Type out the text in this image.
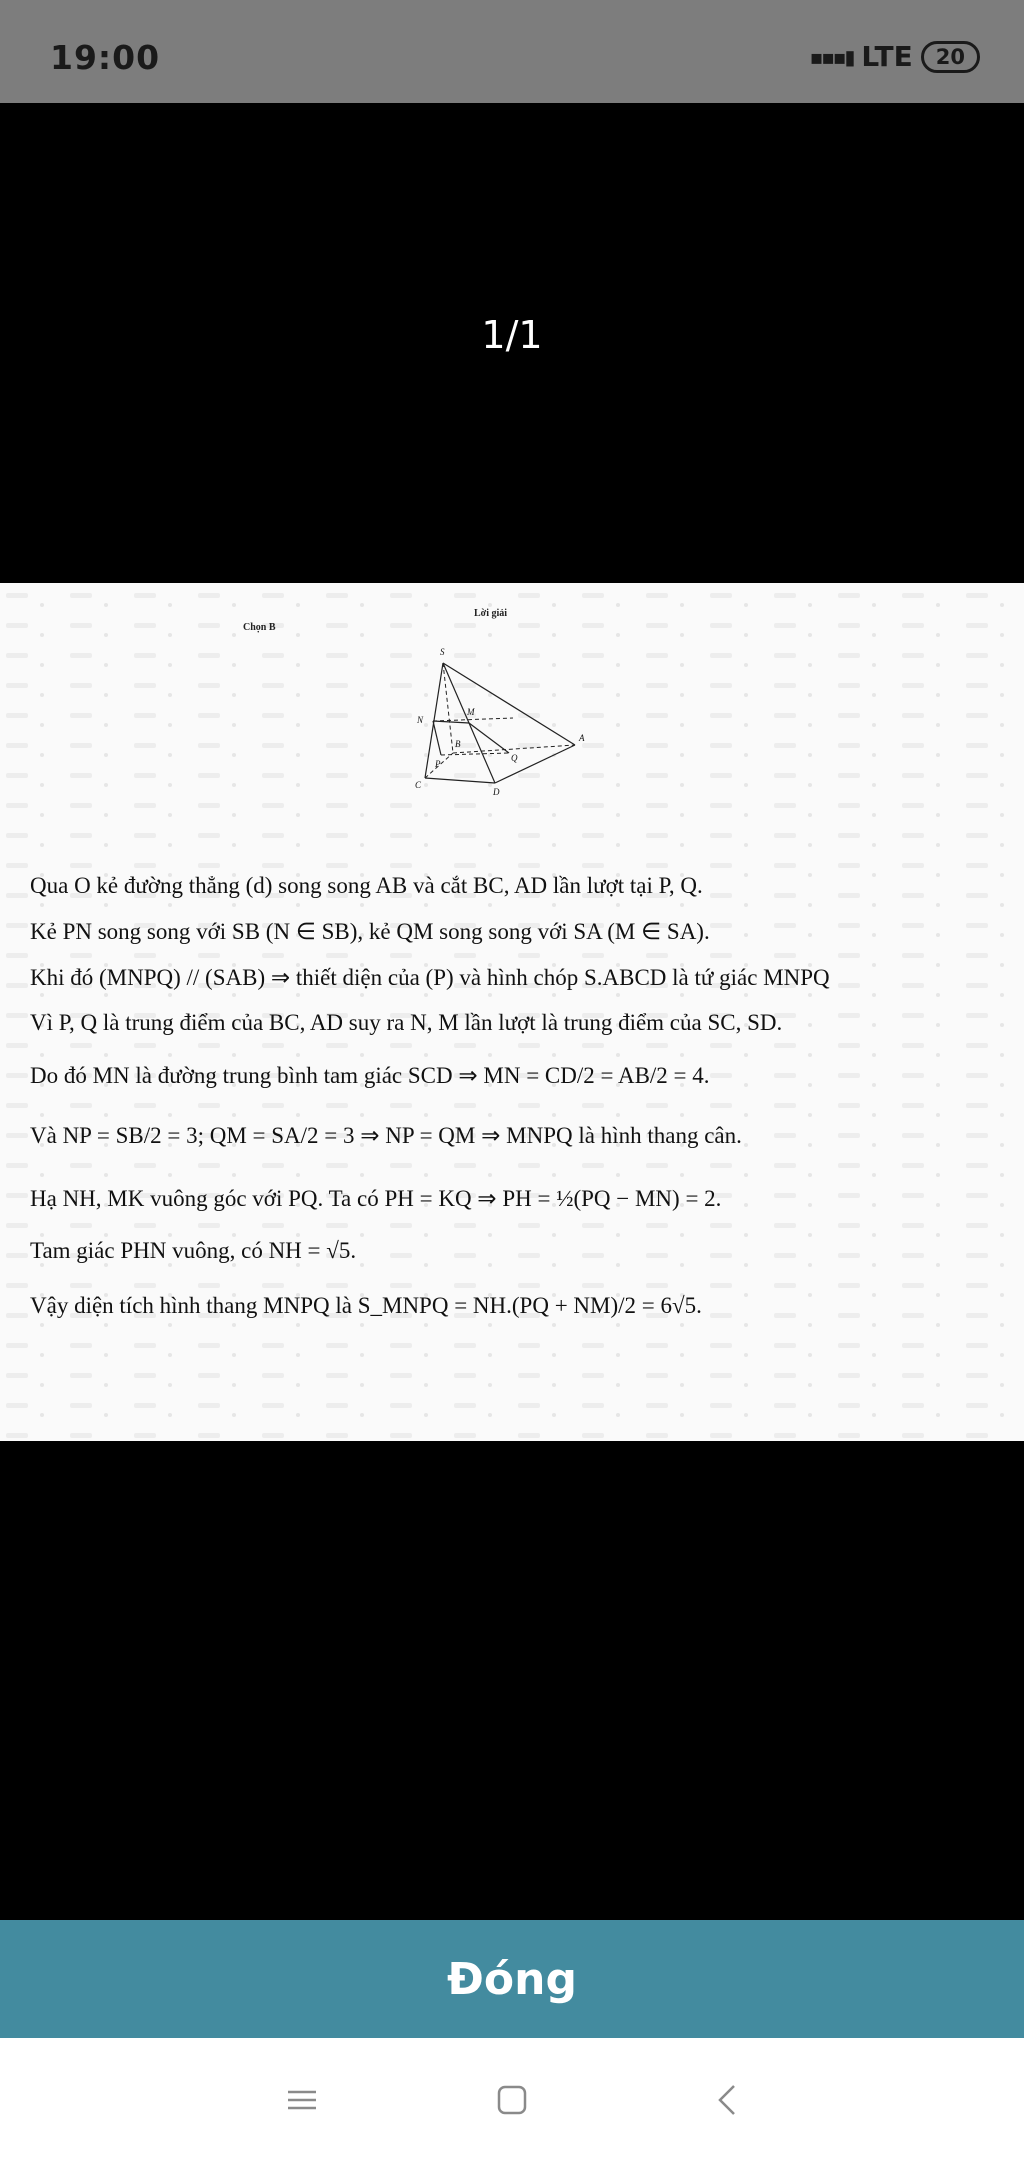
19:00	▪▪▪▮ LTE	20
1/1
Chọn B
Lời giải
S
N
M
A
B
P
Q
C
D
Qua O kẻ đường thẳng (d) song song AB và cắt BC, AD lần lượt tại P, Q.
Kẻ PN song song với SB (N ∈ SB), kẻ QM song song với SA (M ∈ SA).
Khi đó (MNPQ) // (SAB) ⇒ thiết diện của (P) và hình chóp S.ABCD là tứ giác MNPQ
Vì P, Q là trung điểm của BC, AD suy ra N, M lần lượt là trung điểm của SC, SD.
Do đó MN là đường trung bình tam giác SCD ⇒ MN = CD/2 = AB/2 = 4.
Và NP = SB/2 = 3; QM = SA/2 = 3 ⇒ NP = QM ⇒ MNPQ là hình thang cân.
Hạ NH, MK vuông góc với PQ. Ta có PH = KQ ⇒ PH = ½(PQ − MN) = 2.
Tam giác PHN vuông, có NH = √5.
Vậy diện tích hình thang MNPQ là S_MNPQ = NH.(PQ + NM)/2 = 6√5.
Đóng
